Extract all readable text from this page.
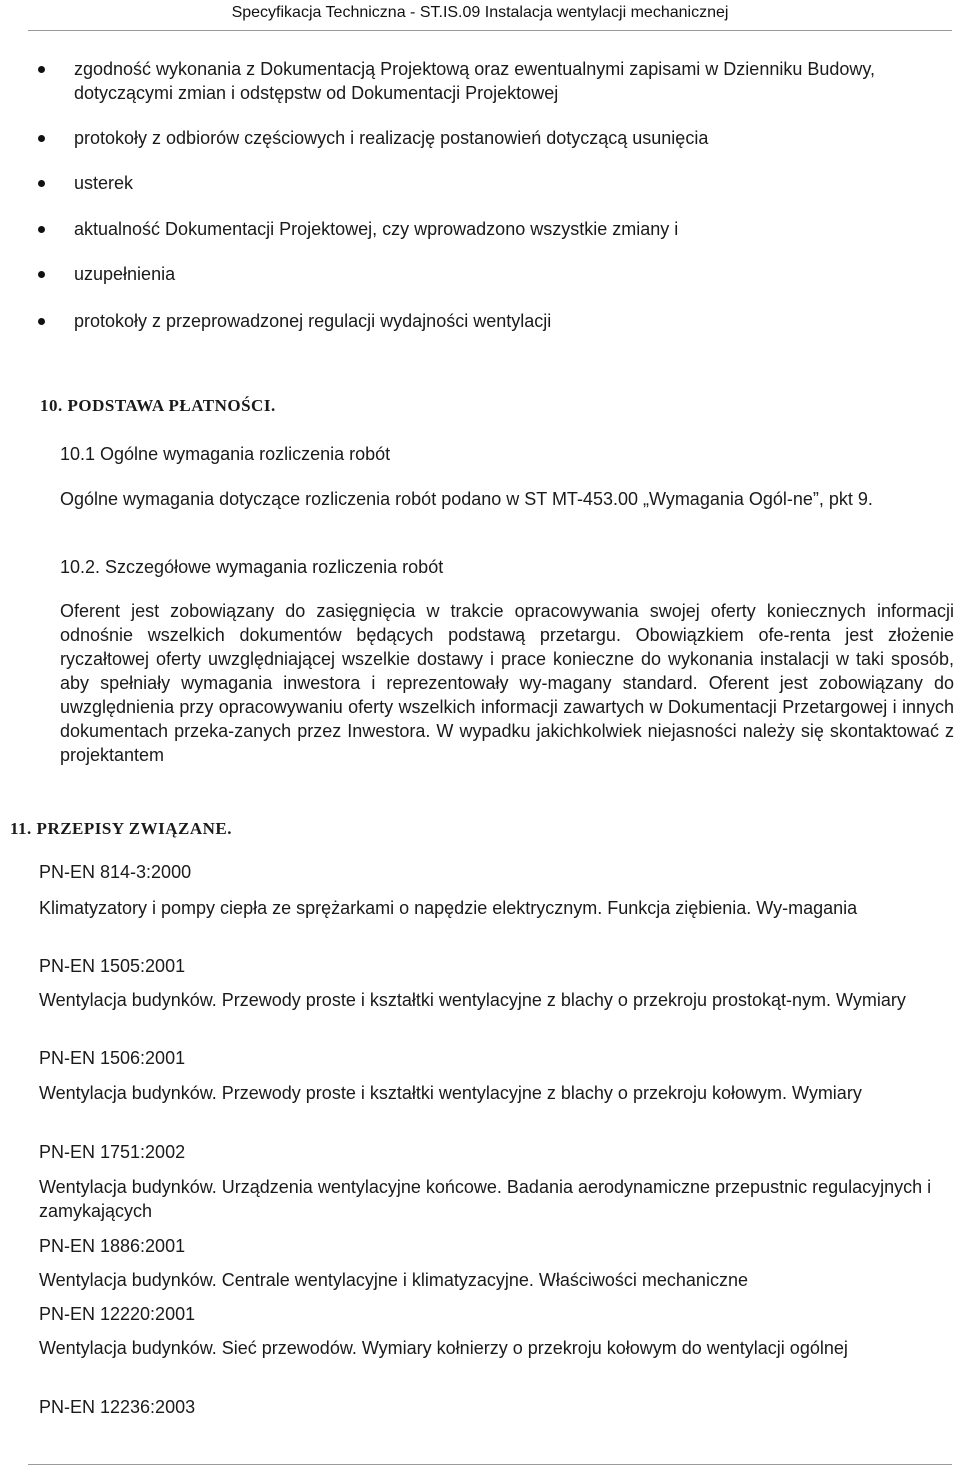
Specyfikacja Techniczna - ST.IS.09 Instalacja wentylacji mechanicznej
zgodność wykonania z Dokumentacją Projektową oraz ewentualnymi zapisami w Dzienniku Budowy, dotyczącymi zmian i odstępstw od Dokumentacji Projektowej
protokoły z odbiorów częściowych i realizację postanowień dotyczącą usunięcia
usterek
aktualność Dokumentacji Projektowej, czy wprowadzono wszystkie zmiany i
uzupełnienia
protokoły z przeprowadzonej regulacji wydajności wentylacji
10. PODSTAWA PŁATNOŚCI.
10.1 Ogólne wymagania rozliczenia robót
Ogólne wymagania dotyczące rozliczenia robót podano w ST MT-453.00 „Wymagania Ogól-ne”, pkt 9.
10.2. Szczegółowe wymagania rozliczenia robót
Oferent jest zobowiązany do zasięgnięcia w trakcie opracowywania swojej oferty koniecznych informacji odnośnie wszelkich dokumentów będących podstawą przetargu. Obowiązkiem ofe-renta jest złożenie ryczałtowej oferty uwzględniającej wszelkie dostawy i prace konieczne do wykonania instalacji w taki sposób, aby spełniały wymagania inwestora i reprezentowały wy-magany standard. Oferent jest zobowiązany do uwzględnienia przy opracowywaniu oferty wszelkich informacji zawartych w Dokumentacji Przetargowej i innych dokumentach przeka-zanych przez Inwestora. W wypadku jakichkolwiek niejasności należy się skontaktować z projektantem
11. PRZEPISY ZWIĄZANE.
PN-EN 814-3:2000
Klimatyzatory i pompy ciepła ze sprężarkami o napędzie elektrycznym. Funkcja ziębienia. Wy-magania
PN-EN 1505:2001
Wentylacja budynków. Przewody proste i kształtki wentylacyjne z blachy o przekroju prostokąt-nym. Wymiary
PN-EN 1506:2001
Wentylacja budynków. Przewody proste i kształtki wentylacyjne z blachy o przekroju kołowym. Wymiary
PN-EN 1751:2002
Wentylacja budynków. Urządzenia wentylacyjne końcowe. Badania aerodynamiczne przepustnic regulacyjnych i zamykających
PN-EN 1886:2001
Wentylacja budynków. Centrale wentylacyjne i klimatyzacyjne. Właściwości mechaniczne
PN-EN 12220:2001
Wentylacja budynków. Sieć przewodów. Wymiary kołnierzy o przekroju kołowym do wentylacji ogólnej
PN-EN 12236:2003
